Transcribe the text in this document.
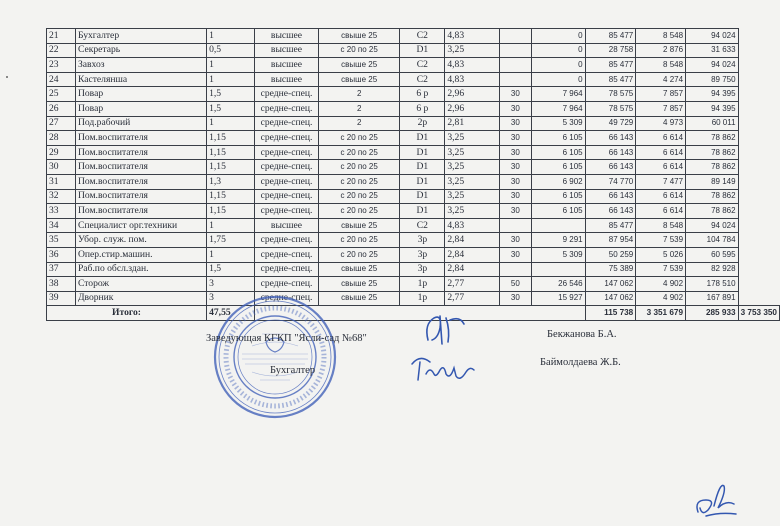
21	Бухгалтер	1	высшее	свыше 25	C2	4,83		0	85 477	8 548	94 024	
22	Секретарь	0,5	высшее	с 20 по 25	D1	3,25		0	28 758	2 876	31 633	
23	Завхоз	1	высшее	свыше 25	C2	4,83		0	85 477	8 548	94 024	
24	Кастелянша	1	высшее	свыше 25	C2	4,83		0	85 477	4 274	89 750	
25	Повар	1,5	средне-спец.	2	6 р	2,96	30	7 964	78 575	7 857	94 395	
26	Повар	1,5	средне-спец.	2	6 р	2,96	30	7 964	78 575	7 857	94 395	
27	Под.рабочий	1	средне-спец.	2	2р	2,81	30	5 309	49 729	4 973	60 011	
28	Пом.воспитателя	1,15	средне-спец.	с 20 по 25	D1	3,25	30	6 105	66 143	6 614	78 862	
29	Пом.воспитателя	1,15	средне-спец.	с 20 по 25	D1	3,25	30	6 105	66 143	6 614	78 862	
30	Пом.воспитателя	1,15	средне-спец.	с 20 по 25	D1	3,25	30	6 105	66 143	6 614	78 862	
31	Пом.воспитателя	1,3	средне-спец.	с 20 по 25	D1	3,25	30	6 902	74 770	7 477	89 149	
32	Пом.воспитателя	1,15	средне-спец.	с 20 по 25	D1	3,25	30	6 105	66 143	6 614	78 862	
33	Пом.воспитателя	1,15	средне-спец.	с 20 по 25	D1	3,25	30	6 105	66 143	6 614	78 862	
34	Специалист орг.техники	1	высшее	свыше 25	C2	4,83			85 477	8 548	94 024	
35	Убор. служ. пом.	1,75	средне-спец.	с 20 по 25	3р	2,84	30	9 291	87 954	7 539	104 784	
36	Опер.стир.машин.	1	средне-спец.	с 20 по 25	3р	2,84	30	5 309	50 259	5 026	60 595	
37	Раб.по обсл.здан.	1,5	средне-спец.	свыше 25	3р	2,84			75 389	7 539	82 928	
38	Сторож	3	средне-спец.	свыше 25	1р	2,77	50	26 546	147 062	4 902	178 510	
39	Дворник	3	средне-спец.	свыше 25	1р	2,77	30	15 927	147 062	4 902	167 891	
Итого:		47,55							115 738	3 351 679	285 933	3 753 350
Заведующая КГКП "Ясли-сад №68"	Бекжанова Б.А.
Бухгалтер
Баймолдаева Ж.Б.
